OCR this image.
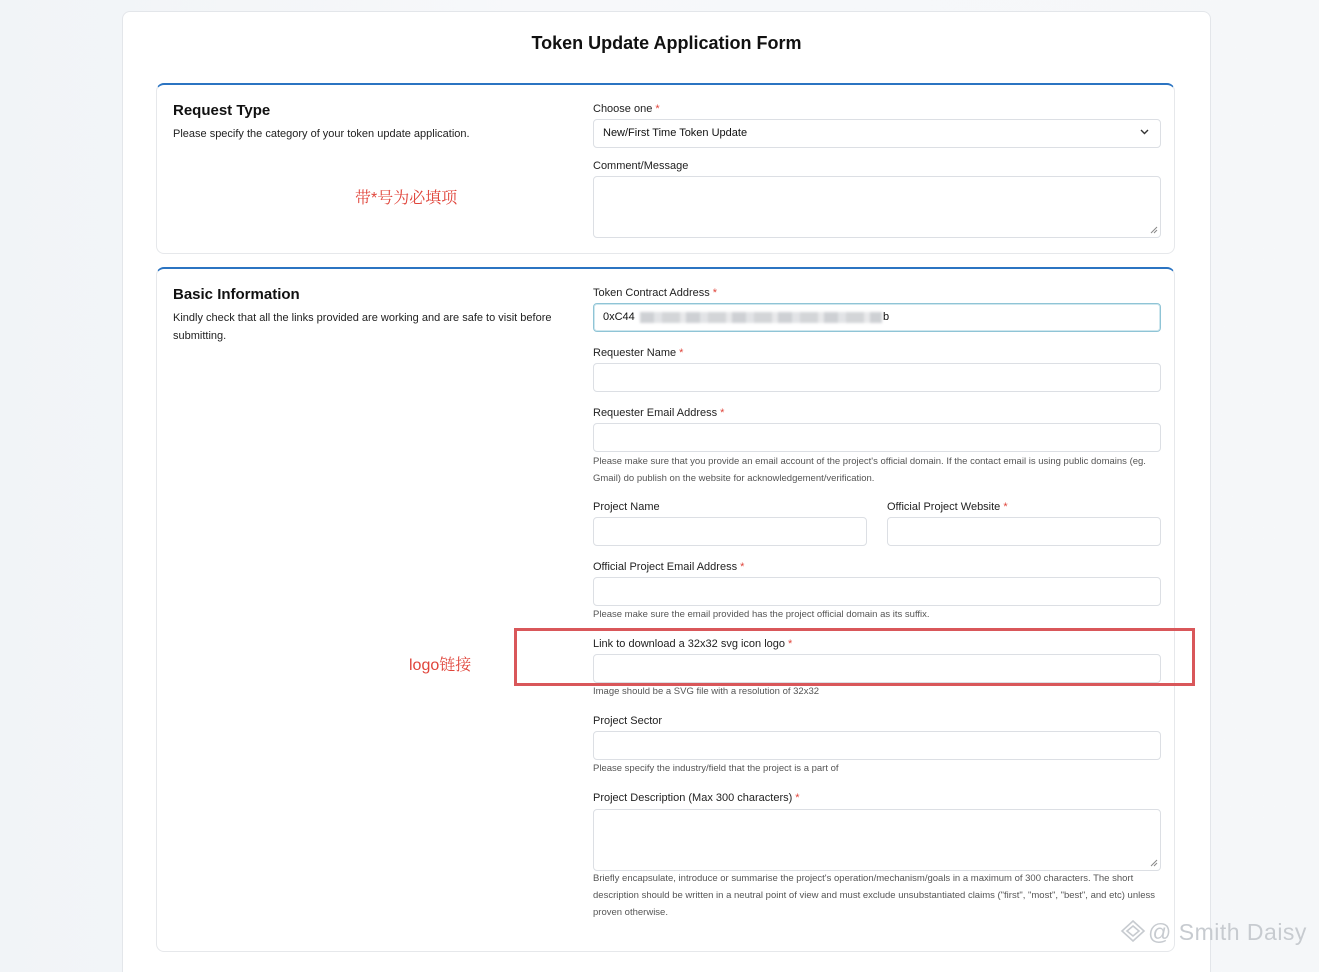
Token Update Application Form
Request Type
Please specify the category of your token update application.
Choose one *
New/First Time Token Update
Comment/Message
Basic Information
Kindly check that all the links provided are working and are safe to visit before submitting.
Token Contract Address *
0xC44	b
Requester Name *
Requester Email Address *
Please make sure that you provide an email account of the project's official domain. If the contact email is using public domains (eg. Gmail) do publish on the website for acknowledgement/verification.
Project Name	Official Project Website *
Official Project Email Address *
Please make sure the email provided has the project official domain as its suffix.
Link to download a 32x32 svg icon logo *
Image should be a SVG file with a resolution of 32x32
Project Sector
Please specify the industry/field that the project is a part of
Project Description (Max 300 characters) *
Briefly encapsulate, introduce or summarise the project's operation/mechanism/goals in a maximum of 300 characters. The short description should be written in a neutral point of view and must exclude unsubstantiated claims ("first", "most", "best", and etc) unless proven otherwise.
带*号为必填项
logo链接
@ Smith Daisy
